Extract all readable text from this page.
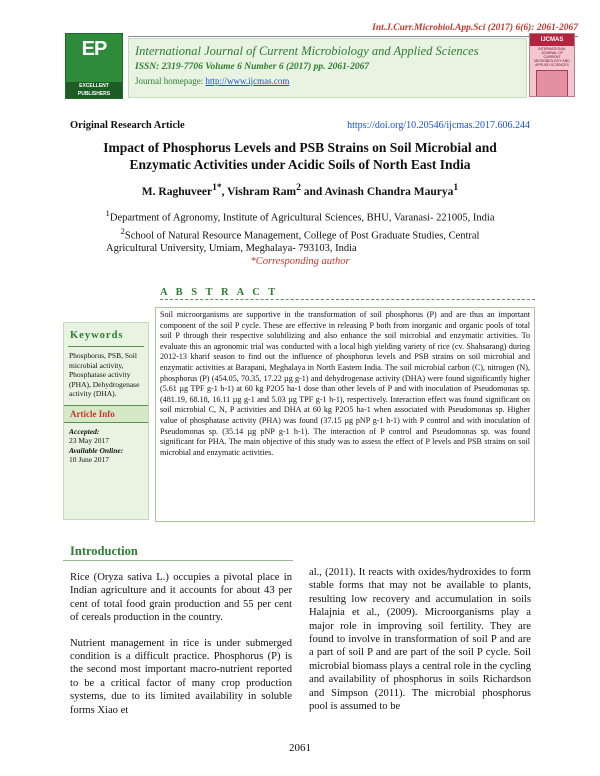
Int.J.Curr.Microbiol.App.Sci (2017) 6(6): 2061-2067
EP
EXCELLENT
PUBLISHERS
International Journal of Current Microbiology and Applied Sciences
ISSN: 2319-7706 Volume 6 Number 6 (2017) pp. 2061-2067
Journal homepage: http://www.ijcmas.com
IJCMAS
INTERNATIONAL JOURNAL OF CURRENT MICROBIOLOGY AND APPLIED SCIENCES
Original Research Article	https://doi.org/10.20546/ijcmas.2017.606.244
Impact of Phosphorus Levels and PSB Strains on Soil Microbial and
Enzymatic Activities under Acidic Soils of North East India
M. Raghuveer$^{1*}$, Vishram Ram$^2$ and Avinash Chandra Maurya$^1$
$^1$Department of Agronomy, Institute of Agricultural Sciences, BHU, Varanasi- 221005, India
$^2$School of Natural Resource Management, College of Post Graduate Studies, Central
Agricultural University, Umiam, Meghalaya- 793103, India
*Corresponding author
A B S T R A C T
Keywords
Phosphorus, PSB, Soil microbial activity, Phosphatase activity (PHA), Dehydrogenase activity (DHA).
Article Info
Accepted:
23 May 2017
Available Online:
10 June 2017
Soil microorganisms are supportive in the transformation of soil phosphorus (P) and are thus an important component of the soil P cycle. These are effective in releasing P both from inorganic and organic pools of total soil P through their respective solubilizing and also enhance the soil microbial and enzymatic activities. To evaluate this an agronomic trial was conducted with a local high yielding variety of rice (cv. Shahsarang) during 2012-13 kharif season to find out the influence of phosphorus levels and PSB strains on soil microbial and enzymatic activities at Barapani, Meghalaya in North Eastern India. The soil microbial carbon (C), nitrogen (N), phosphorus (P) (454.05, 70.35, 17.22 µg g-1) and dehydrogenase activity (DHA) were found significantly higher (5.61 µg TPF g-1 h-1) at 60 kg P2O5 ha-1 dose than other levels of P and with inoculation of Pseudomonas sp. (481.19, 68.18, 16.11 µg g-1 and 5.03 µg TPF g-1 h-1), respectively. Interaction effect was found significant on soil microbial C, N, P activities and DHA at 60 kg P2O5 ha-1 when associated with Pseudomonas sp. Higher value of phosphatase activity (PHA) was found (37.15 µg pNP g-1 h-1) with P control and with inoculation of Pseudomonas sp. (35.14 µg pNP g-1 h-1). The interaction of P control and Pseudomonas sp. was found significant for PHA. The main objective of this study was to assess the effect of P levels and PSB strains on soil microbial and enzymatic activities.
Introduction

Rice (Oryza sativa L.) occupies a pivotal place in Indian agriculture and it accounts for about 43 per cent of total food grain production and 55 per cent of cereals production in the country.

Nutrient management in rice is under submerged condition is a difficult practice. Phosphorus (P) is the second most important macro-nutrient reported to be a critical factor of many crop production systems, due to its limited availability in soluble forms Xiao et

al., (2011). It reacts with oxides/hydroxides to form stable forms that may not be available to plants, resulting low recovery and accumulation in soils Halajnia et al., (2009). Microorganisms play a major role in improving soil fertility. They are found to involve in transformation of soil P and are a part of soil P and are part of the soil P cycle. Soil microbial biomass plays a central role in the cycling and availability of phosphorus in soils Richardson and Simpson (2011). The microbial phosphorus pool is assumed to be

2061
